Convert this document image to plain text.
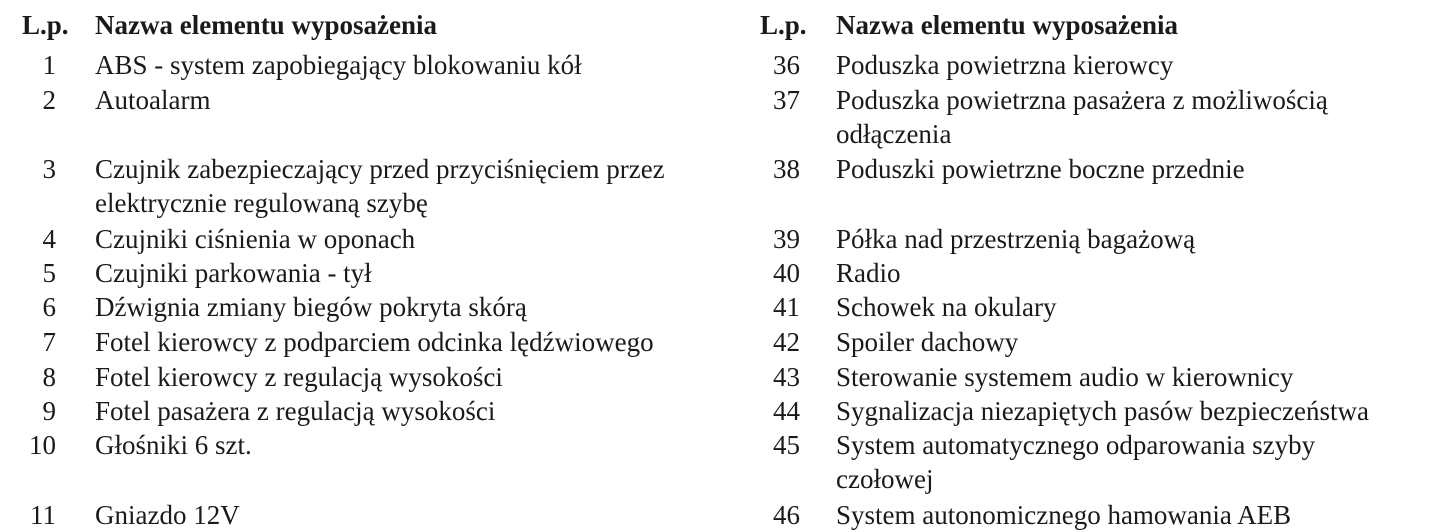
L.p. Nazwa elementu wyposażenia
1 ABS - system zapobiegający blokowaniu kół
2 Autoalarm
3 Czujnik zabezpieczający przed przyciśnięciem przez
elektrycznie regulowaną szybę
4 Czujniki ciśnienia w oponach
5 Czujniki parkowania - tył
6 Dźwignia zmiany biegów pokryta skórą
7 Fotel kierowcy z podparciem odcinka lędźwiowego
8 Fotel kierowcy z regulacją wysokości
9 Fotel pasażera z regulacją wysokości
10 Głośniki 6 szt.
11 Gniazdo 12V
L.p. Nazwa elementu wyposażenia
36 Poduszka powietrzna kierowcy
37 Poduszka powietrzna pasażera z możliwością
odłączenia
38 Poduszki powietrzne boczne przednie
39 Półka nad przestrzenią bagażową
40 Radio
41 Schowek na okulary
42 Spoiler dachowy
43 Sterowanie systemem audio w kierownicy
44 Sygnalizacja niezapiętych pasów bezpieczeństwa
45 System automatycznego odparowania szyby
czołowej
46 System autonomicznego hamowania AEB
